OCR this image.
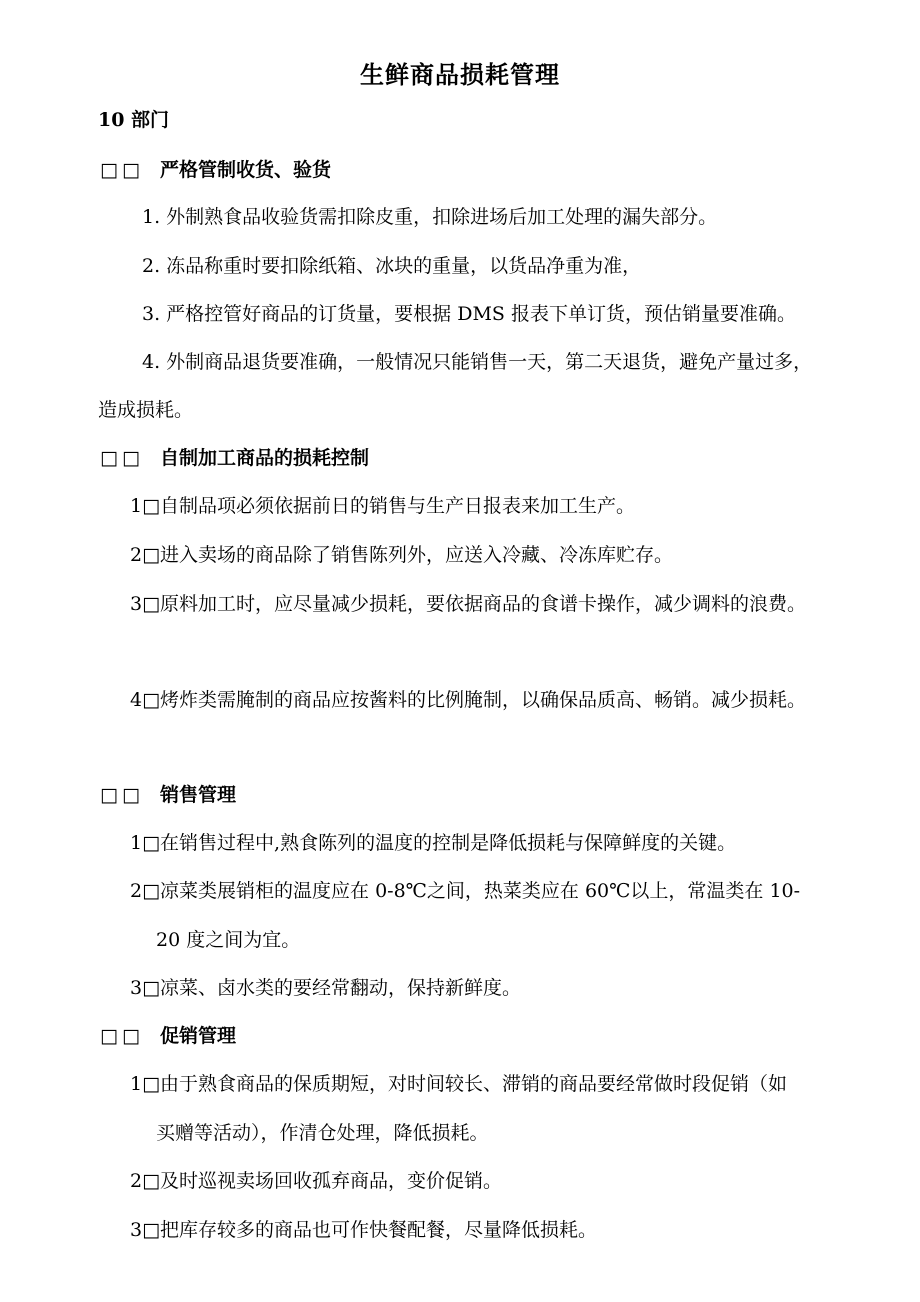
生鲜商品损耗管理
10 部门
□□ 严格管制收货、验货
1. 外制熟食品收验货需扣除皮重，扣除进场后加工处理的漏失部分。
2. 冻品称重时要扣除纸箱、冰块的重量，以货品净重为准，
3. 严格控管好商品的订货量，要根据 DMS 报表下单订货，预估销量要准确。
4. 外制商品退货要准确，一般情况只能销售一天，第二天退货，避免产量过多，
造成损耗。
□□ 自制加工商品的损耗控制
1□自制品项必须依据前日的销售与生产日报表来加工生产。
2□进入卖场的商品除了销售陈列外，应送入冷藏、冷冻库贮存。
3□原料加工时，应尽量减少损耗，要依据商品的食谱卡操作，减少调料的浪费。
4□烤炸类需腌制的商品应按酱料的比例腌制，以确保品质高、畅销。减少损耗。
□□ 销售管理
1□在销售过程中,熟食陈列的温度的控制是降低损耗与保障鲜度的关键。
2□凉菜类展销柜的温度应在 0-8℃之间，热菜类应在 60℃以上，常温类在 10-
20 度之间为宜。
3□凉菜、卤水类的要经常翻动，保持新鲜度。
□□ 促销管理
1□由于熟食商品的保质期短，对时间较长、滞销的商品要经常做时段促销（如
买赠等活动），作清仓处理，降低损耗。
2□及时巡视卖场回收孤弃商品，变价促销。
3□把库存较多的商品也可作快餐配餐，尽量降低损耗。
